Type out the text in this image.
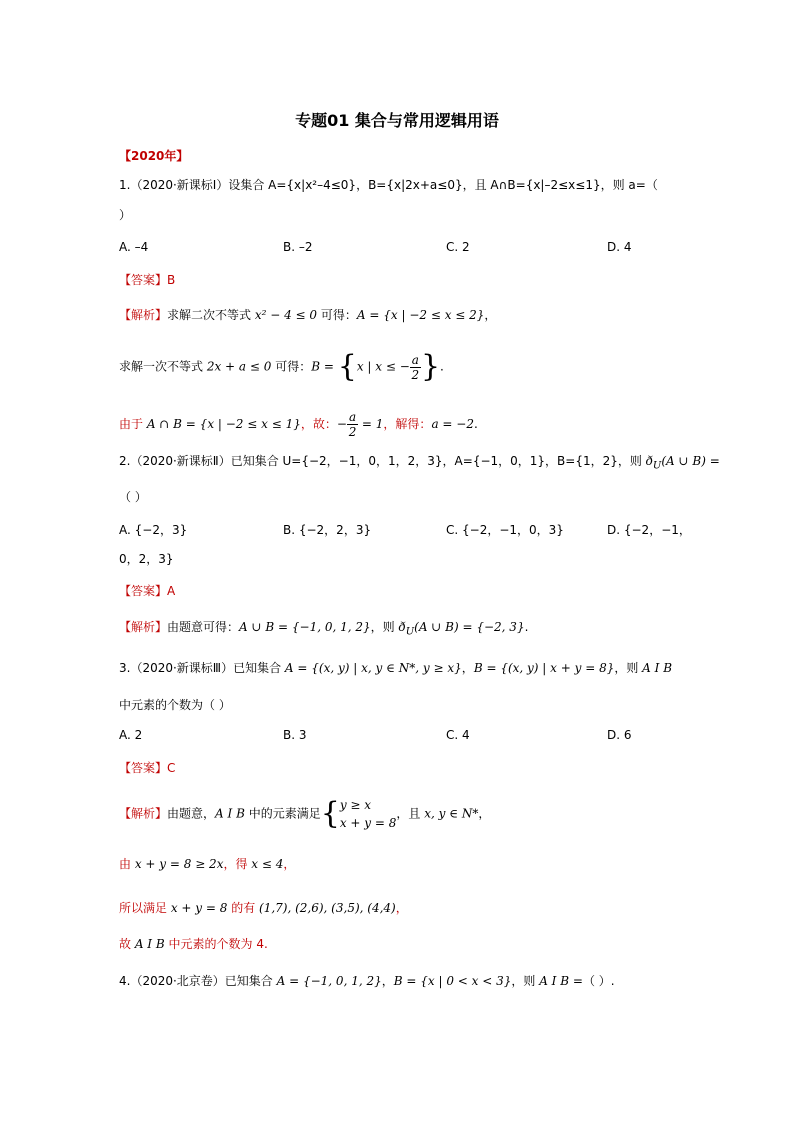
专题01 集合与常用逻辑用语
【2020年】
1.（2020·新课标Ⅰ）设集合 A={x|x²–4≤0}，B={x|2x+a≤0}，且 A∩B={x|–2≤x≤1}，则 a=（
）
A. –4	B. –2	C. 2	D. 4
【答案】B
【解析】求解二次不等式 x² − 4 ≤ 0 可得：A = {x | −2 ≤ x ≤ 2}，
求解一次不等式 2x + a ≤ 0 可得：B = {x | x ≤ − $\frac{a}{2}$ }.
由于 A ∩ B = {x | −2 ≤ x ≤ 1}，故：− $\frac{a}{2} = 1$，解得：a = −2.
2.（2020·新课标Ⅱ）已知集合 U={−2，−1，0，1，2，3}，A={−1，0，1}，B={1，2}，则 $ð_U(A$ ∪ B) =
（ ）
A. {−2，3}	B. {−2，2，3}	C. {−2，−1，0，3}	D. {−2，−1，
0，2，3}
【答案】A
【解析】由题意可得：A ∪ B = {−1, 0, 1, 2}，则 $ð_U(A$ ∪ B) = {−2, 3}.
3.（2020·新课标Ⅲ）已知集合 A = {(x, y) | x, y ∈ N*, y ≥ x}，B = {(x, y) | x + y = 8}，则 A I B
中元素的个数为（ ）
A. 2	B. 3	C. 4	D. 6
【答案】C
【解析】由题意，A I B 中的元素满足{ y ≥ x
x + y = 8
，且 x, y ∈ N*，
由 x + y = 8 ≥ 2x，得 x ≤ 4，
所以满足 x + y = 8 的有 (1,7), (2,6), (3,5), (4,4)，
故 A I B 中元素的个数为 4.
4.（2020·北京卷）已知集合 A = {−1, 0, 1, 2}，B = {x | 0 < x < 3}，则 A I B =（ ）.
